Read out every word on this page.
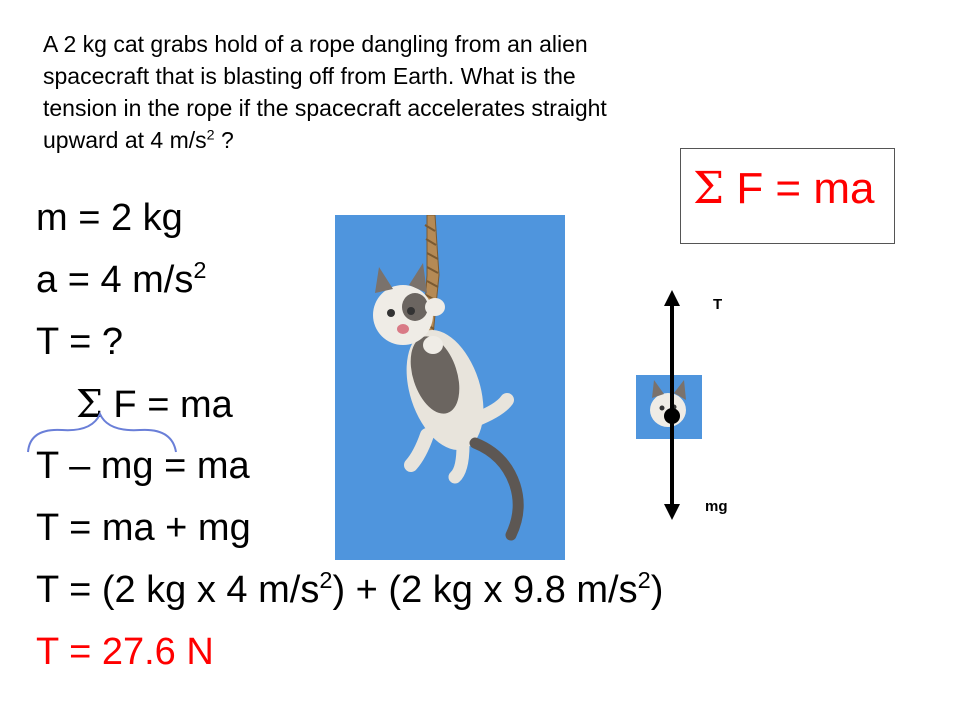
A 2 kg cat grabs hold of a rope dangling from an alien

spacecraft that is blasting off from Earth. What is the

tension in the rope if the spacecraft accelerates straight

upward at 4 $m/s^2$ ?

Σ F = ma
m = 2 kg
a = 4 $m/s^2$
T = ?
Σ F = ma
T – mg = ma
T = ma + mg
T = (2 kg x 4 $m/s^2) + (2$ kg x 9.8 $m/s^2$)
T = 27.6 N
T
mg
